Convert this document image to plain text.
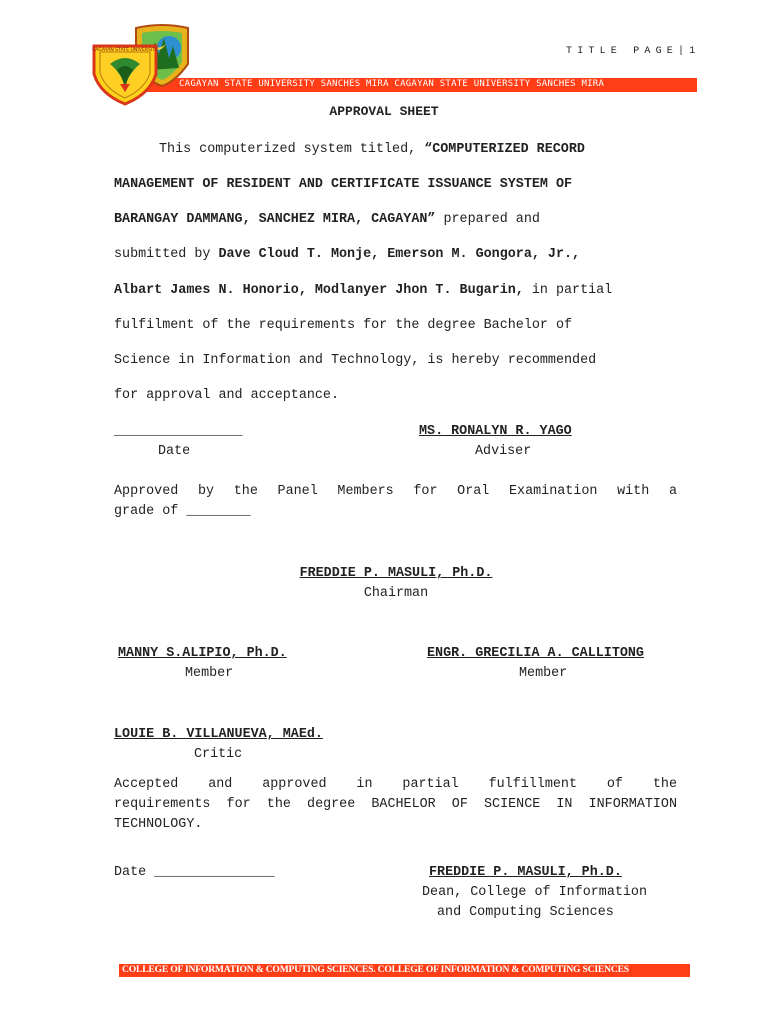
TITLE PAGE|1
CAGAYAN STATE UNIVERSITY SANCHES MIRA CAGAYAN STATE UNIVERSITY SANCHES MIRA
CAGAYAN STATE UNIVERSITY
APPROVAL SHEET
This computerized system titled, “COMPUTERIZED RECORD
MANAGEMENT OF RESIDENT AND CERTIFICATE ISSUANCE SYSTEM OF
BARANGAY DAMMANG, SANCHEZ MIRA, CAGAYAN” prepared and
submitted by Dave Cloud T. Monje, Emerson M. Gongora, Jr.,
Albart James N. Honorio, Modlanyer Jhon T. Bugarin, in partial
fulfilment of the requirements for the degree Bachelor of
Science in Information and Technology, is hereby recommended
for approval and acceptance.
________________
Date
MS. RONALYN R. YAGO
Adviser
Approved by the Panel Members for Oral Examination with a
grade of ________
FREDDIE P. MASULI, Ph.D.
Chairman
MANNY S.ALIPIO, Ph.D.
Member
ENGR. GRECILIA A. CALLITONG
Member
LOUIE B. VILLANUEVA, MAEd.
Critic
Accepted and approved in partial fulfillment of the
requirements for the degree BACHELOR OF SCIENCE IN INFORMATION
TECHNOLOGY.
Date _______________	FREDDIE P. MASULI, Ph.D.
Dean, College of Information
and Computing Sciences
COLLEGE OF INFORMATION & COMPUTING SCIENCES. COLLEGE OF INFORMATION & COMPUTING SCIENCES
